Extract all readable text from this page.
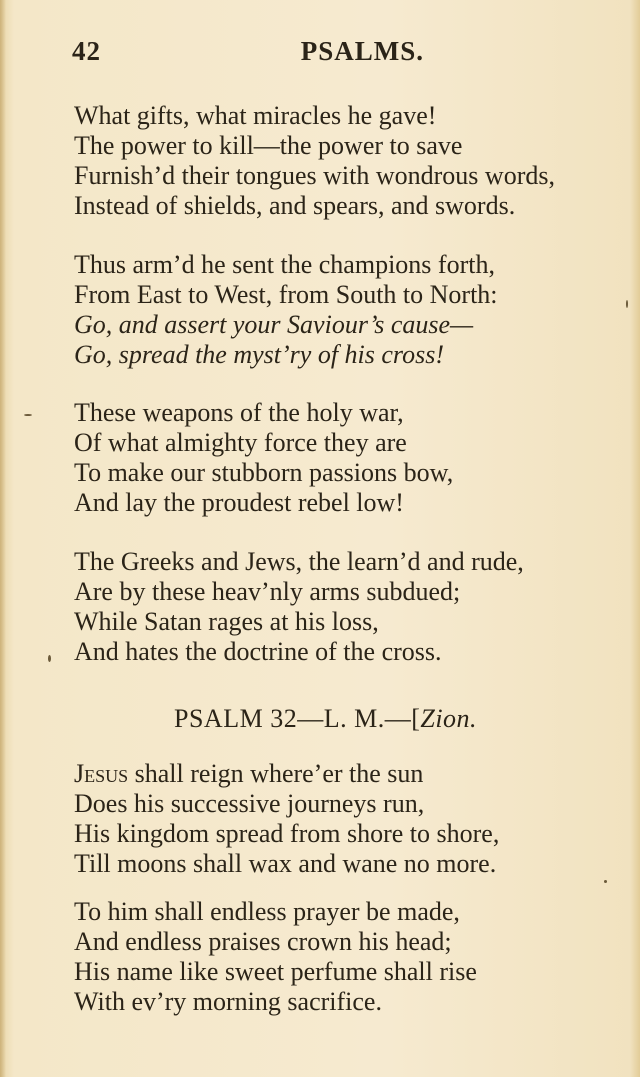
42	PSALMS.
What gifts, what miracles he gave!
The power to kill—the power to save
Furnish’d their tongues with wondrous words,
Instead of shields, and spears, and swords.
Thus arm’d he sent the champions forth,
From East to West, from South to North:
Go, and assert your Saviour’s cause—
Go, spread the myst’ry of his cross!
These weapons of the holy war,
Of what almighty force they are
To make our stubborn passions bow,
And lay the proudest rebel low!
The Greeks and Jews, the learn’d and rude,
Are by these heav’nly arms subdued;
While Satan rages at his loss,
And hates the doctrine of the cross.
PSALM 32—L. M.—[Zion.
Jesus shall reign where’er the sun
Does his successive journeys run,
His kingdom spread from shore to shore,
Till moons shall wax and wane no more.
To him shall endless prayer be made,
And endless praises crown his head;
His name like sweet perfume shall rise
With ev’ry morning sacrifice.
